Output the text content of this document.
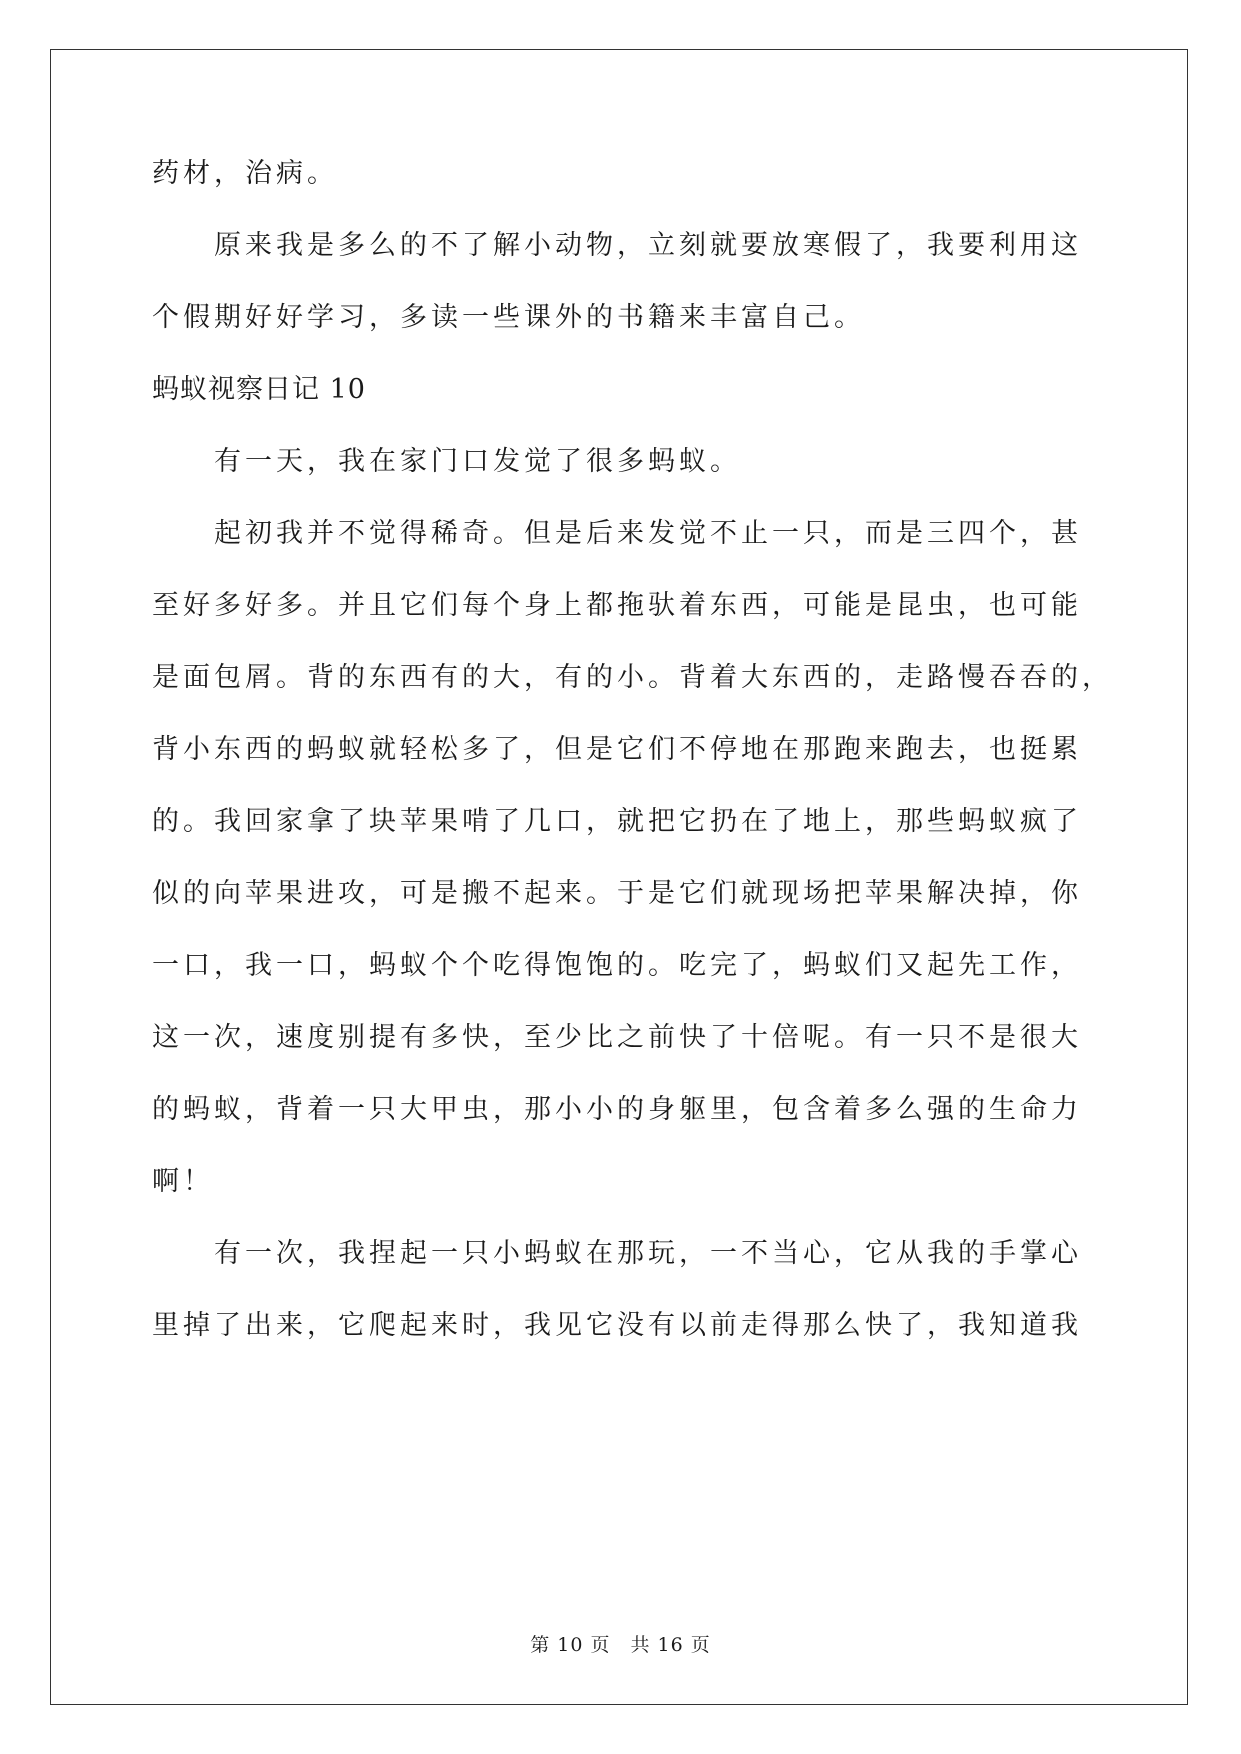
药材，治病。
原来我是多么的不了解小动物，立刻就要放寒假了，我要利用这
个假期好好学习，多读一些课外的书籍来丰富自己。
蚂蚁视察日记 10
有一天，我在家门口发觉了很多蚂蚁。
起初我并不觉得稀奇。但是后来发觉不止一只，而是三四个，甚
至好多好多。并且它们每个身上都拖驮着东西，可能是昆虫，也可能
是面包屑。背的东西有的大，有的小。背着大东西的，走路慢吞吞的，
背小东西的蚂蚁就轻松多了，但是它们不停地在那跑来跑去，也挺累
的。我回家拿了块苹果啃了几口，就把它扔在了地上，那些蚂蚁疯了
似的向苹果进攻，可是搬不起来。于是它们就现场把苹果解决掉，你
一口，我一口，蚂蚁个个吃得饱饱的。吃完了，蚂蚁们又起先工作，
这一次，速度别提有多快，至少比之前快了十倍呢。有一只不是很大
的蚂蚁，背着一只大甲虫，那小小的身躯里，包含着多么强的生命力
啊！
有一次，我捏起一只小蚂蚁在那玩，一不当心，它从我的手掌心
里掉了出来，它爬起来时，我见它没有以前走得那么快了，我知道我
第 10 页 共 16 页
